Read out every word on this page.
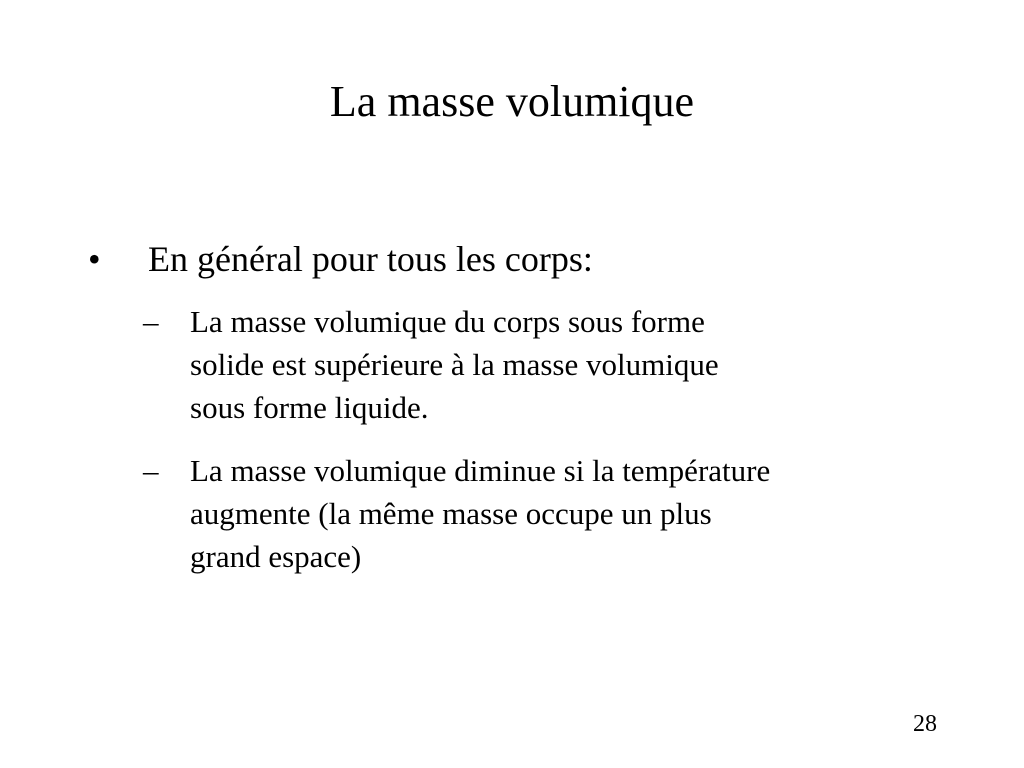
La masse volumique
• En général pour tous les corps:
– La masse volumique du corps sous forme
solide est supérieure à la masse volumique
sous forme liquide.
– La masse volumique diminue si la température
augmente (la même masse occupe un plus
grand espace)
28
